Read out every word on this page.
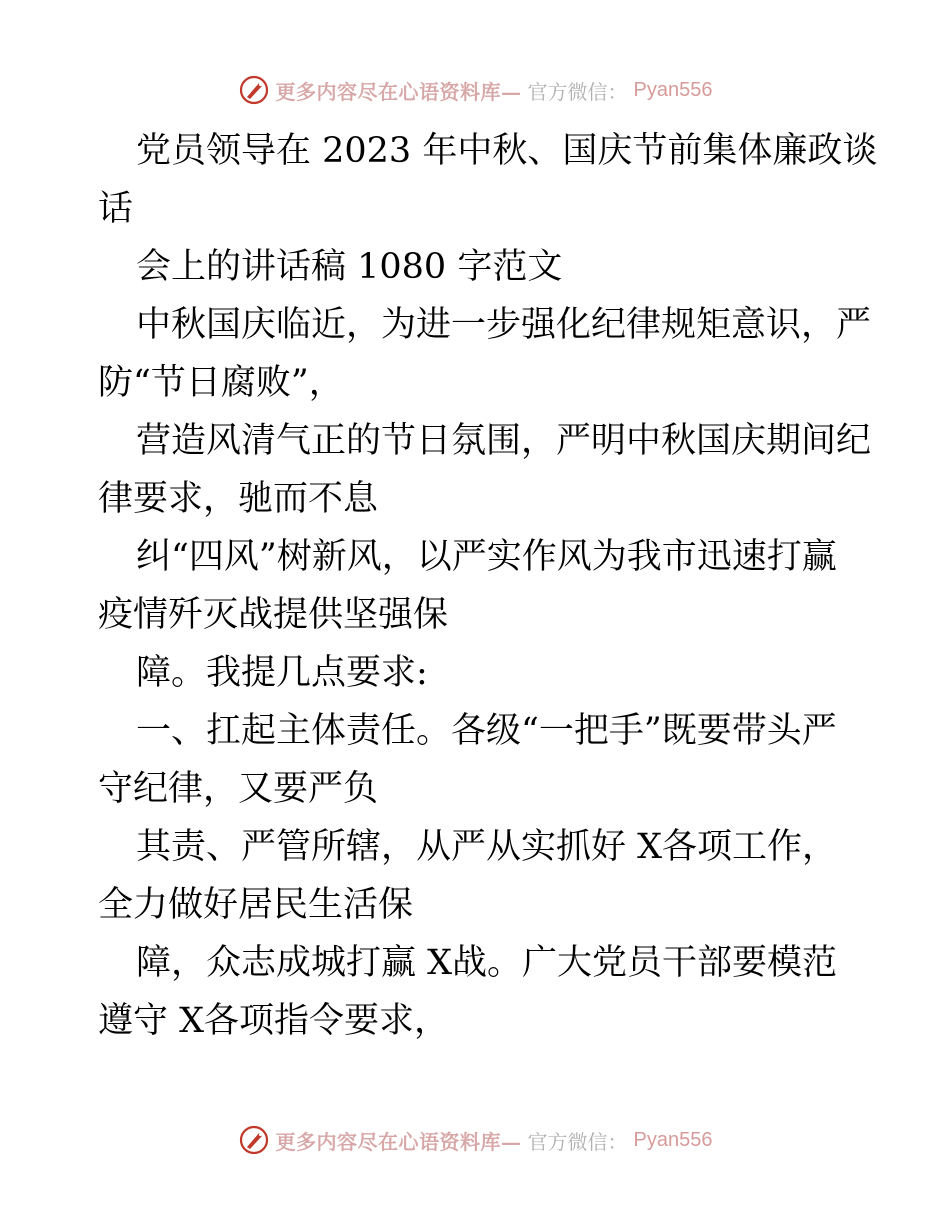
更多内容尽在心语资料库— 官方微信： Pyan556
党员领导在 2023 年中秋、国庆节前集体廉政谈
话
会上的讲话稿 1080 字范文
中秋国庆临近，为进一步强化纪律规矩意识，严
防“节日腐败”，
营造风清气正的节日氛围，严明中秋国庆期间纪
律要求，驰而不息
纠“四风”树新风，以严实作风为我市迅速打赢
疫情歼灭战提供坚强保
障。我提几点要求:
一、扛起主体责任。各级“一把手”既要带头严
守纪律，又要严负
其责、严管所辖，从严从实抓好 X各项工作，
全力做好居民生活保
障，众志成城打赢 X战。广大党员干部要模范
遵守 X各项指令要求，
更多内容尽在心语资料库— 官方微信： Pyan556
